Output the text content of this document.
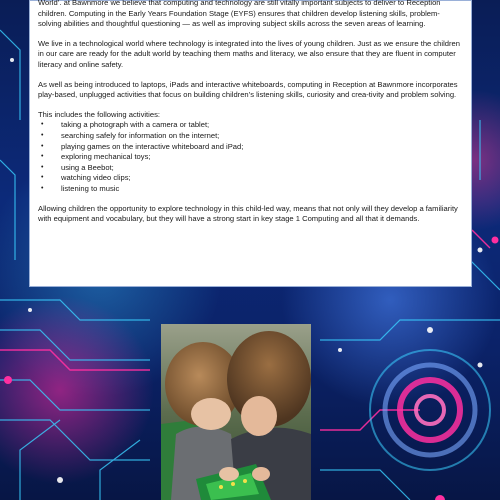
World’. at Bawnmore we believe that computing and technology are still vitally important subjects to deliver to Reception children. Computing in the Early Years Foundation Stage (EYFS) ensures that children develop listening skills, problem-solving abilities and thoughtful questioning — as well as improving subject skills across the seven areas of learning.

We live in a technological world where technology is integrated into the lives of young children. Just as we ensure the children in our care are ready for the adult world by teaching them maths and literacy, we also ensure that they are fluent in computer literacy and online safety.

As well as being introduced to laptops, iPads and interactive whiteboards, computing in Reception at Bawnmore incorporates play-based, unplugged activities that focus on building children’s listening skills, curiosity and crea-tivity and problem solving.

This includes the following activities:

• taking a photograph with a camera or tablet;
• searching safely for information on the internet;
• playing games on the interactive whiteboard and iPad;
• exploring mechanical toys;
• using a Beebot;
• watching video clips;
• listening to music

Allowing children the opportunity to explore technology in this child-led way, means that not only will they develop a familiarity with equipment and vocabulary, but they will have a strong start in key stage 1 Computing and all that it demands.
